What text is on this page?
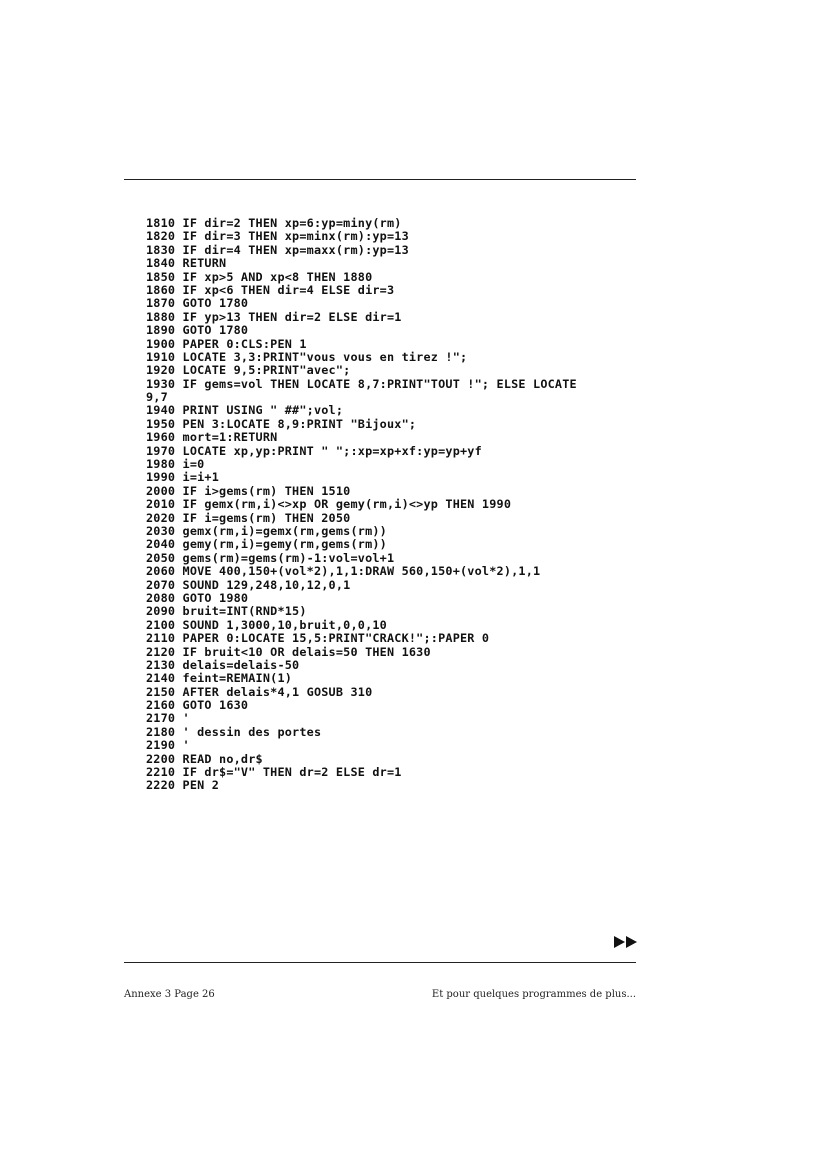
1810 IF dir=2 THEN xp=6:yp=miny(rm)
1820 IF dir=3 THEN xp=minx(rm):yp=13
1830 IF dir=4 THEN xp=maxx(rm):yp=13
1840 RETURN
1850 IF xp>5 AND xp<8 THEN 1880
1860 IF xp<6 THEN dir=4 ELSE dir=3
1870 GOTO 1780
1880 IF yp>13 THEN dir=2 ELSE dir=1
1890 GOTO 1780
1900 PAPER 0:CLS:PEN 1
1910 LOCATE 3,3:PRINT"vous vous en tirez !";
1920 LOCATE 9,5:PRINT"avec";
1930 IF gems=vol THEN LOCATE 8,7:PRINT"TOUT !"; ELSE LOCATE
9,7
1940 PRINT USING " ##";vol;
1950 PEN 3:LOCATE 8,9:PRINT "Bijoux";
1960 mort=1:RETURN
1970 LOCATE xp,yp:PRINT " ";:xp=xp+xf:yp=yp+yf
1980 i=0
1990 i=i+1
2000 IF i>gems(rm) THEN 1510
2010 IF gemx(rm,i)<>xp OR gemy(rm,i)<>yp THEN 1990
2020 IF i=gems(rm) THEN 2050
2030 gemx(rm,i)=gemx(rm,gems(rm))
2040 gemy(rm,i)=gemy(rm,gems(rm))
2050 gems(rm)=gems(rm)-1:vol=vol+1
2060 MOVE 400,150+(vol*2),1,1:DRAW 560,150+(vol*2),1,1
2070 SOUND 129,248,10,12,0,1
2080 GOTO 1980
2090 bruit=INT(RND*15)
2100 SOUND 1,3000,10,bruit,0,0,10
2110 PAPER 0:LOCATE 15,5:PRINT"CRACK!";:PAPER 0
2120 IF bruit<10 OR delais=50 THEN 1630
2130 delais=delais-50
2140 feint=REMAIN(1)
2150 AFTER delais*4,1 GOSUB 310
2160 GOTO 1630
2170 '
2180 ' dessin des portes
2190 '
2200 READ no,dr$
2210 IF dr$="V" THEN dr=2 ELSE dr=1
2220 PEN 2
Annexe 3 Page 26	Et pour quelques programmes de plus...
